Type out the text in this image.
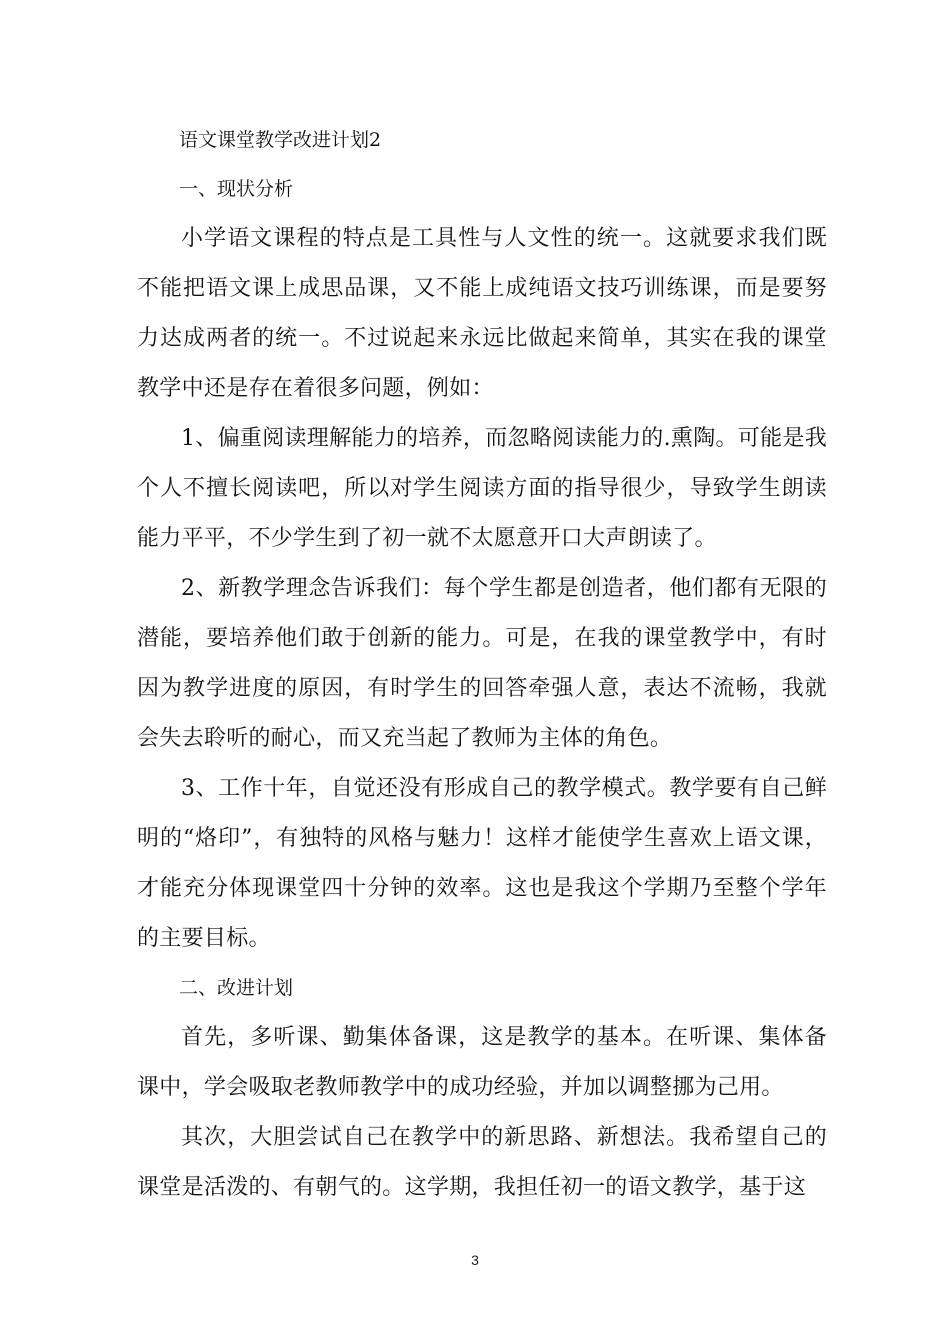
语文课堂教学改进计划2
一、现状分析

小学语文课程的特点是工具性与人文性的统一。这就要求我们既不能把语文课上成思品课，又不能上成纯语文技巧训练课，而是要努力达成两者的统一。不过说起来永远比做起来简单，其实在我的课堂教学中还是存在着很多问题，例如：

1、偏重阅读理解能力的培养，而忽略阅读能力的.熏陶。可能是我个人不擅长阅读吧，所以对学生阅读方面的指导很少，导致学生朗读能力平平，不少学生到了初一就不太愿意开口大声朗读了。

2、新教学理念告诉我们：每个学生都是创造者，他们都有无限的潜能，要培养他们敢于创新的能力。可是，在我的课堂教学中，有时因为教学进度的原因，有时学生的回答牵强人意，表达不流畅，我就会失去聆听的耐心，而又充当起了教师为主体的角色。

3、工作十年，自觉还没有形成自己的教学模式。教学要有自己鲜明的“烙印”，有独特的风格与魅力！这样才能使学生喜欢上语文课，才能充分体现课堂四十分钟的效率。这也是我这个学期乃至整个学年的主要目标。

二、改进计划

首先，多听课、勤集体备课，这是教学的基本。在听课、集体备课中，学会吸取老教师教学中的成功经验，并加以调整挪为己用。

其次，大胆尝试自己在教学中的新思路、新想法。我希望自己的课堂是活泼的、有朝气的。这学期，我担任初一的语文教学，基于这

3
